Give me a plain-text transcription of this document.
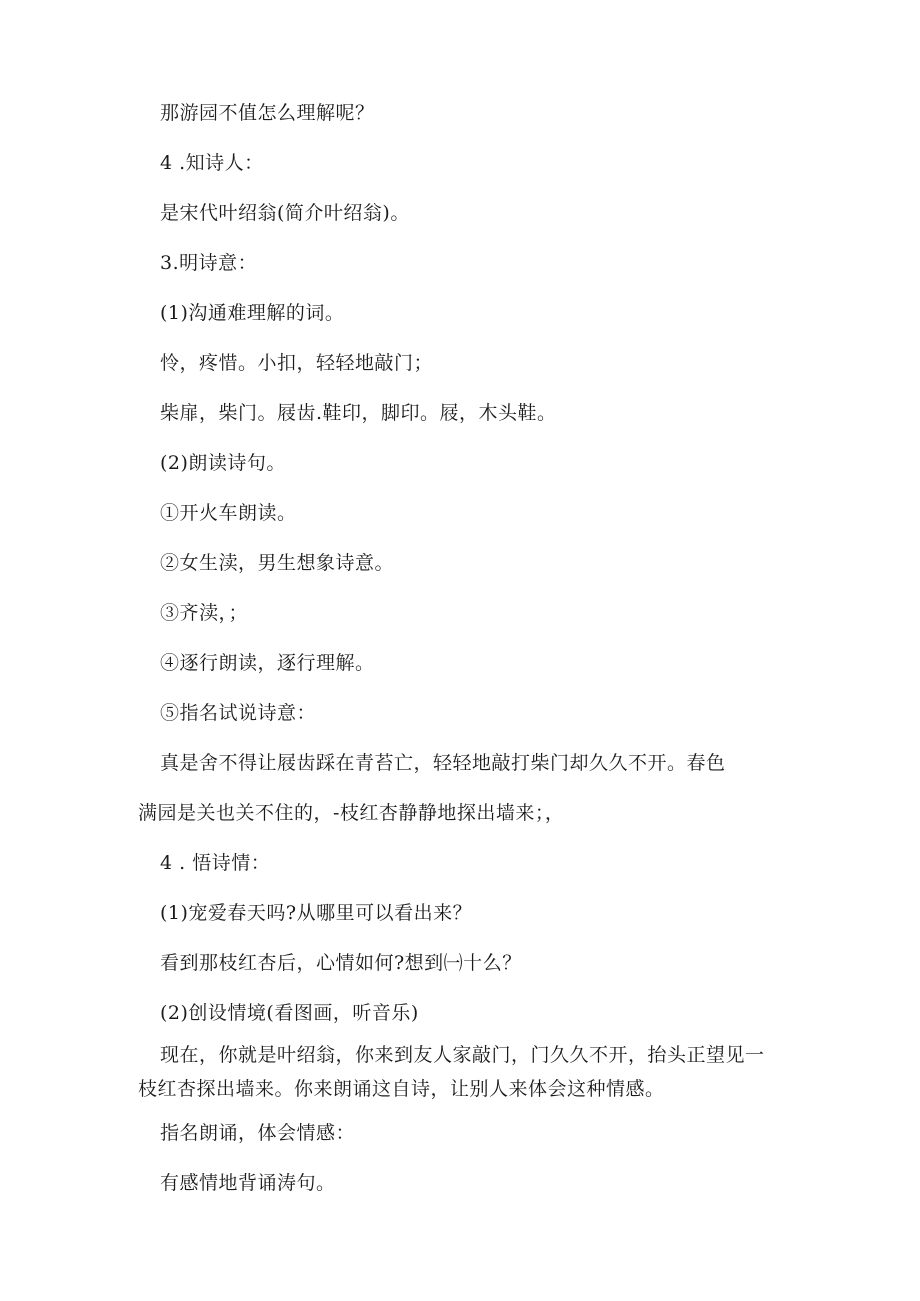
那游园不值怎么理解呢？
4 .知诗人：
是宋代叶绍翁(简介叶绍翁)。
3.明诗意：
(1)沟通难理解的词。
怜，疼惜。小扣，轻轻地敲门；
柴扉，柴门。屐齿.鞋印，脚印。屐，木头鞋。
(2)朗读诗句。
①开火车朗读。
②女生渎，男生想象诗意。
③齐渎，；
④逐行朗读，逐行理解。
⑤指名试说诗意：
真是舍不得让屐齿踩在青苔亡，轻轻地敲打柴门却久久不开。春色
满园是关也关不住的，-枝红杏静静地探出墙来；，
4 . 悟诗情：
(1)宠爱春天吗?从哪里可以看出来？
看到那枝红杏后，心情如何?想到㈠十么？
(2)创设情境(看图画，听音乐)
现在，你就是叶绍翁，你来到友人家敲门，门久久不开，抬头正望见一枝红杏探出墙来。你来朗诵这自诗，让别人来体会这种情感。
指名朗诵，体会情感：
有感情地背诵涛句。
